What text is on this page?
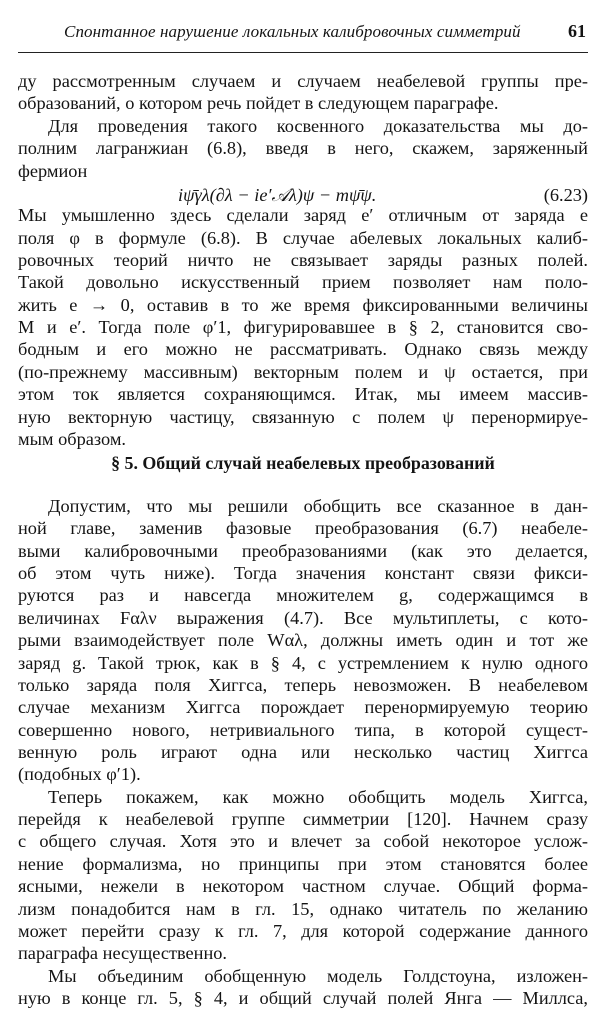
Спонтанное нарушение локальных калибровочных симметрий	61
ду рассмотренным случаем и случаем неабелевой группы пре-
образований, о котором речь пойдет в следующем параграфе.
Для проведения такого косвенного доказательства мы до-
полним лагранжиан (6.8), введя в него, скажем, заряженный
фермион
iψ̄γλ(∂λ − ie′𝒜λ)ψ − mψ̄ψ.	(6.23)
Мы умышленно здесь сделали заряд e′ отличным от заряда e
поля φ в формуле (6.8). В случае абелевых локальных калиб-
ровочных теорий ничто не связывает заряды разных полей.
Такой довольно искусственный прием позволяет нам поло-
жить e → 0, оставив в то же время фиксированными величины
M и e′. Тогда поле φ′1, фигурировавшее в § 2, становится сво-
бодным и его можно не рассматривать. Однако связь между
(по-прежнему массивным) векторным полем и ψ остается, при
этом ток является сохраняющимся. Итак, мы имеем массив-
ную векторную частицу, связанную с полем ψ перенормируе-
мым образом.
§ 5. Общий случай неабелевых преобразований
Допустим, что мы решили обобщить все сказанное в дан-
ной главе, заменив фазовые преобразования (6.7) неабеле-
выми калибровочными преобразованиями (как это делается,
об этом чуть ниже). Тогда значения констант связи фикси-
руются раз и навсегда множителем g, содержащимся в
величинах Fαλν выражения (4.7). Все мультиплеты, с кото-
рыми взаимодействует поле Wαλ, должны иметь один и тот же
заряд g. Такой трюк, как в § 4, с устремлением к нулю одного
только заряда поля Хиггса, теперь невозможен. В неабелевом
случае механизм Хиггса порождает перенормируемую теорию
совершенно нового, нетривиального типа, в которой сущест-
венную роль играют одна или несколько частиц Хиггса
(подобных φ′1).
Теперь покажем, как можно обобщить модель Хиггса,
перейдя к неабелевой группе симметрии [120]. Начнем сразу
с общего случая. Хотя это и влечет за собой некоторое услож-
нение формализма, но принципы при этом становятся более
ясными, нежели в некотором частном случае. Общий форма-
лизм понадобится нам в гл. 15, однако читатель по желанию
может перейти сразу к гл. 7, для которой содержание данного
параграфа несущественно.
Мы объединим обобщенную модель Голдстоуна, изложен-
ную в конце гл. 5, § 4, и общий случай полей Янга — Миллса,
